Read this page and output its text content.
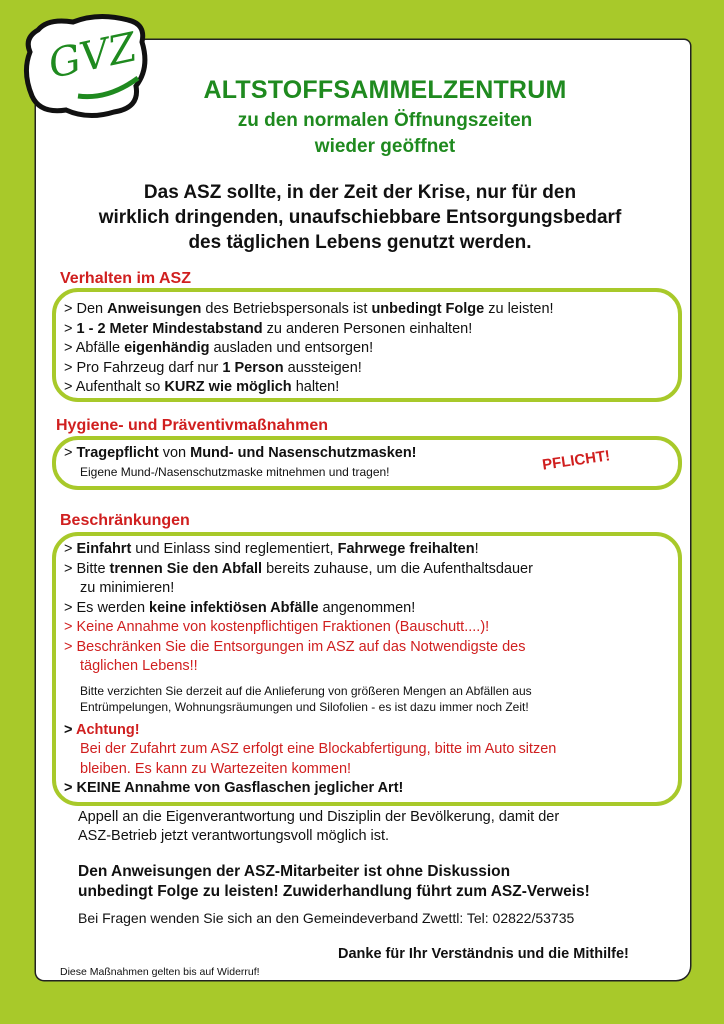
GVZ
ALTSTOFFSAMMELZENTRUM
zu den normalen Öffnungszeiten
wieder geöffnet
Das ASZ sollte, in der Zeit der Krise, nur für den
wirklich dringenden, unaufschiebbare Entsorgungsbedarf
des täglichen Lebens genutzt werden.
Verhalten im ASZ
> Den Anweisungen des Betriebspersonals ist unbedingt Folge zu leisten!
> 1 - 2 Meter Mindestabstand zu anderen Personen einhalten!
> Abfälle eigenhändig ausladen und entsorgen!
> Pro Fahrzeug darf nur 1 Person aussteigen!
> Aufenthalt so KURZ wie möglich halten!
Hygiene- und Präventivmaßnahmen
> Tragepflicht von Mund- und Nasenschutzmasken!
Eigene Mund-/Nasenschutzmaske mitnehmen und tragen!	PFLICHT!
Beschränkungen
> Einfahrt und Einlass sind reglementiert, Fahrwege freihalten!
> Bitte trennen Sie den Abfall bereits zuhause, um die Aufenthaltsdauer
zu minimieren!
> Es werden keine infektiösen Abfälle angenommen!
> Keine Annahme von kostenpflichtigen Fraktionen (Bauschutt....)!
> Beschränken Sie die Entsorgungen im ASZ auf das Notwendigste des
täglichen Lebens!!
Bitte verzichten Sie derzeit auf die Anlieferung von größeren Mengen an Abfällen aus
Entrümpelungen, Wohnungsräumungen und Silofolien - es ist dazu immer noch Zeit!
> Achtung!
Bei der Zufahrt zum ASZ erfolgt eine Blockabfertigung, bitte im Auto sitzen
bleiben. Es kann zu Wartezeiten kommen!
> KEINE Annahme von Gasflaschen jeglicher Art!
Appell an die Eigenverantwortung und Disziplin der Bevölkerung, damit der
ASZ-Betrieb jetzt verantwortungsvoll möglich ist.
Den Anweisungen der ASZ-Mitarbeiter ist ohne Diskussion
unbedingt Folge zu leisten! Zuwiderhandlung führt zum ASZ-Verweis!
Bei Fragen wenden Sie sich an den Gemeindeverband Zwettl: Tel: 02822/53735
Danke für Ihr Verständnis und die Mithilfe!
Diese Maßnahmen gelten bis auf Widerruf!
